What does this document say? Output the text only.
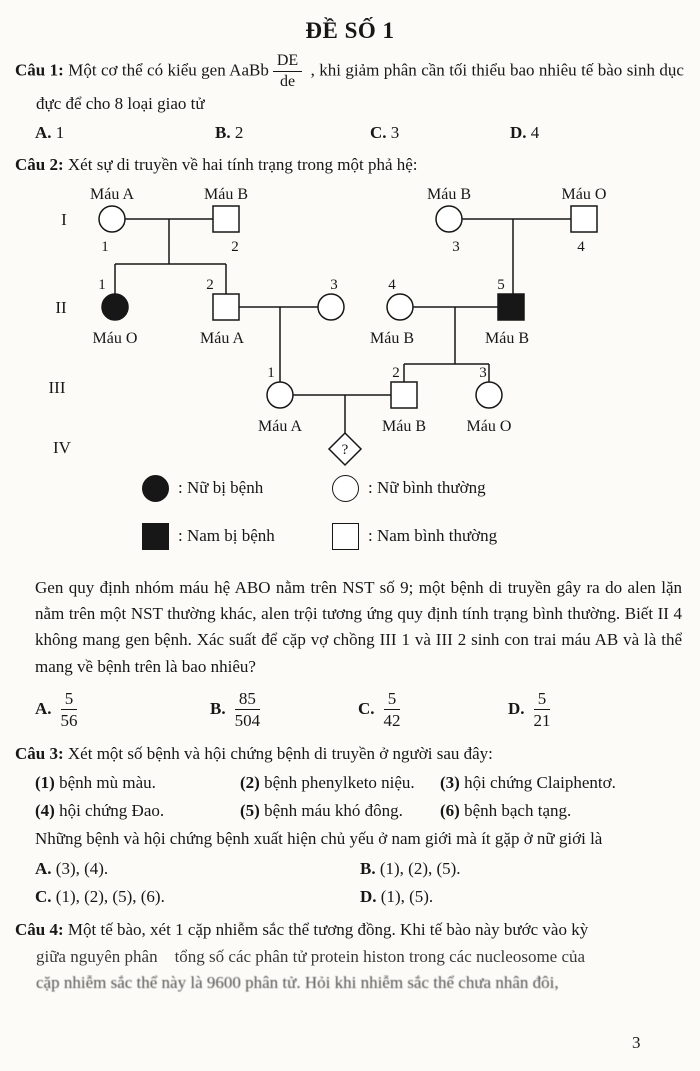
ĐỀ SỐ 1
Câu 1: Một cơ thể có kiểu gen AaBb $\frac{DE}{de}$ , khi giảm phân cần tối thiểu bao nhiêu tế bào sinh dục đực để cho 8 loại giao tử
A. 1	B. 2	C. 3	D. 4
Câu 2: Xét sự di truyền về hai tính trạng trong một phả hệ:
1
Máu A
2
Máu B
3
Máu B
4
Máu O
1
Máu O
2
Máu A
3	4
Máu B
5
Máu B
1
Máu A
2
Máu B
3
Máu O
?
I
II
III
IV
: Nữ bị bệnh	: Nữ bình thường
: Nam bị bệnh	: Nam bình thường
Gen quy định nhóm máu hệ ABO nằm trên NST số 9; một bệnh di truyền gây ra do alen lặn nằm trên một NST thường khác, alen trội tương ứng quy định tính trạng bình thường. Biết II 4 không mang gen bệnh. Xác suất để cặp vợ chồng III 1 và III 2 sinh con trai máu AB và là thể mang về bệnh trên là bao nhiêu?
A. $\frac{5}{56}$	B. $\frac{85}{504}$	C. $\frac{5}{42}$	D. $\frac{5}{21}$
Câu 3: Xét một số bệnh và hội chứng bệnh di truyền ở người sau đây:
(1) bệnh mù màu.	(2) bệnh phenylketo niệu.	(3) hội chứng Claiphentơ.
(4) hội chứng Đao.	(5) bệnh máu khó đông.	(6) bệnh bạch tạng.
Những bệnh và hội chứng bệnh xuất hiện chủ yếu ở nam giới mà ít gặp ở nữ giới là
A. (3), (4).	B. (1), (2), (5).
C. (1), (2), (5), (6).	D. (1), (5).
Câu 4: Một tế bào, xét 1 cặp nhiễm sắc thể tương đồng. Khi tế bào này bước vào kỳ
giữa nguyên phân tổng số các phân tử protein histon trong các nucleosome của
cặp nhiễm sắc thể này là 9600 phân tử. Hỏi khi nhiễm sắc thể chưa nhân đôi,
3
